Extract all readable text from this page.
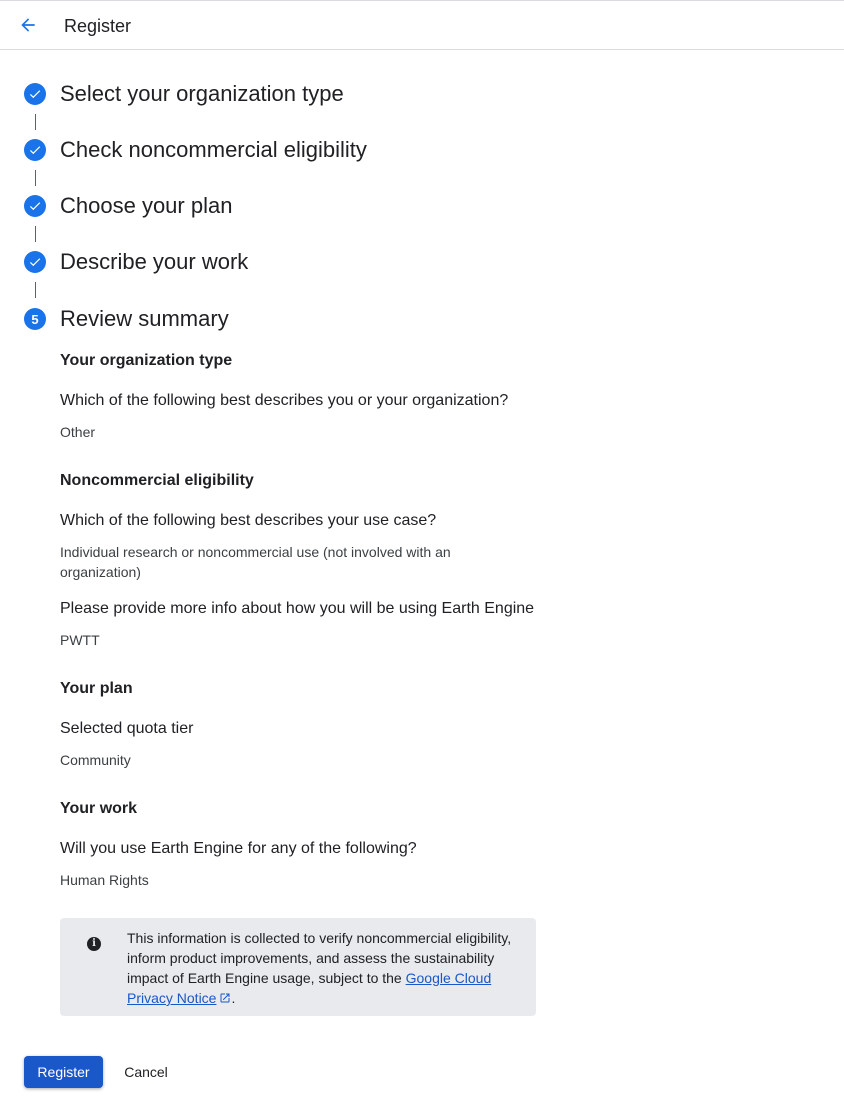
Register
Select your organization type
Check noncommercial eligibility
Choose your plan
Describe your work
5 Review summary
Your organization type
Which of the following best describes you or your organization?
Other
Noncommercial eligibility
Which of the following best describes your use case?
Individual research or noncommercial use (not involved with an organization)
Please provide more info about how you will be using Earth Engine
PWTT
Your plan
Selected quota tier
Community
Your work
Will you use Earth Engine for any of the following?
Human Rights
i This information is collected to verify noncommercial eligibility, inform product improvements, and assess the sustainability impact of Earth Engine usage, subject to the Google Cloud Privacy Notice .
Register	Cancel
